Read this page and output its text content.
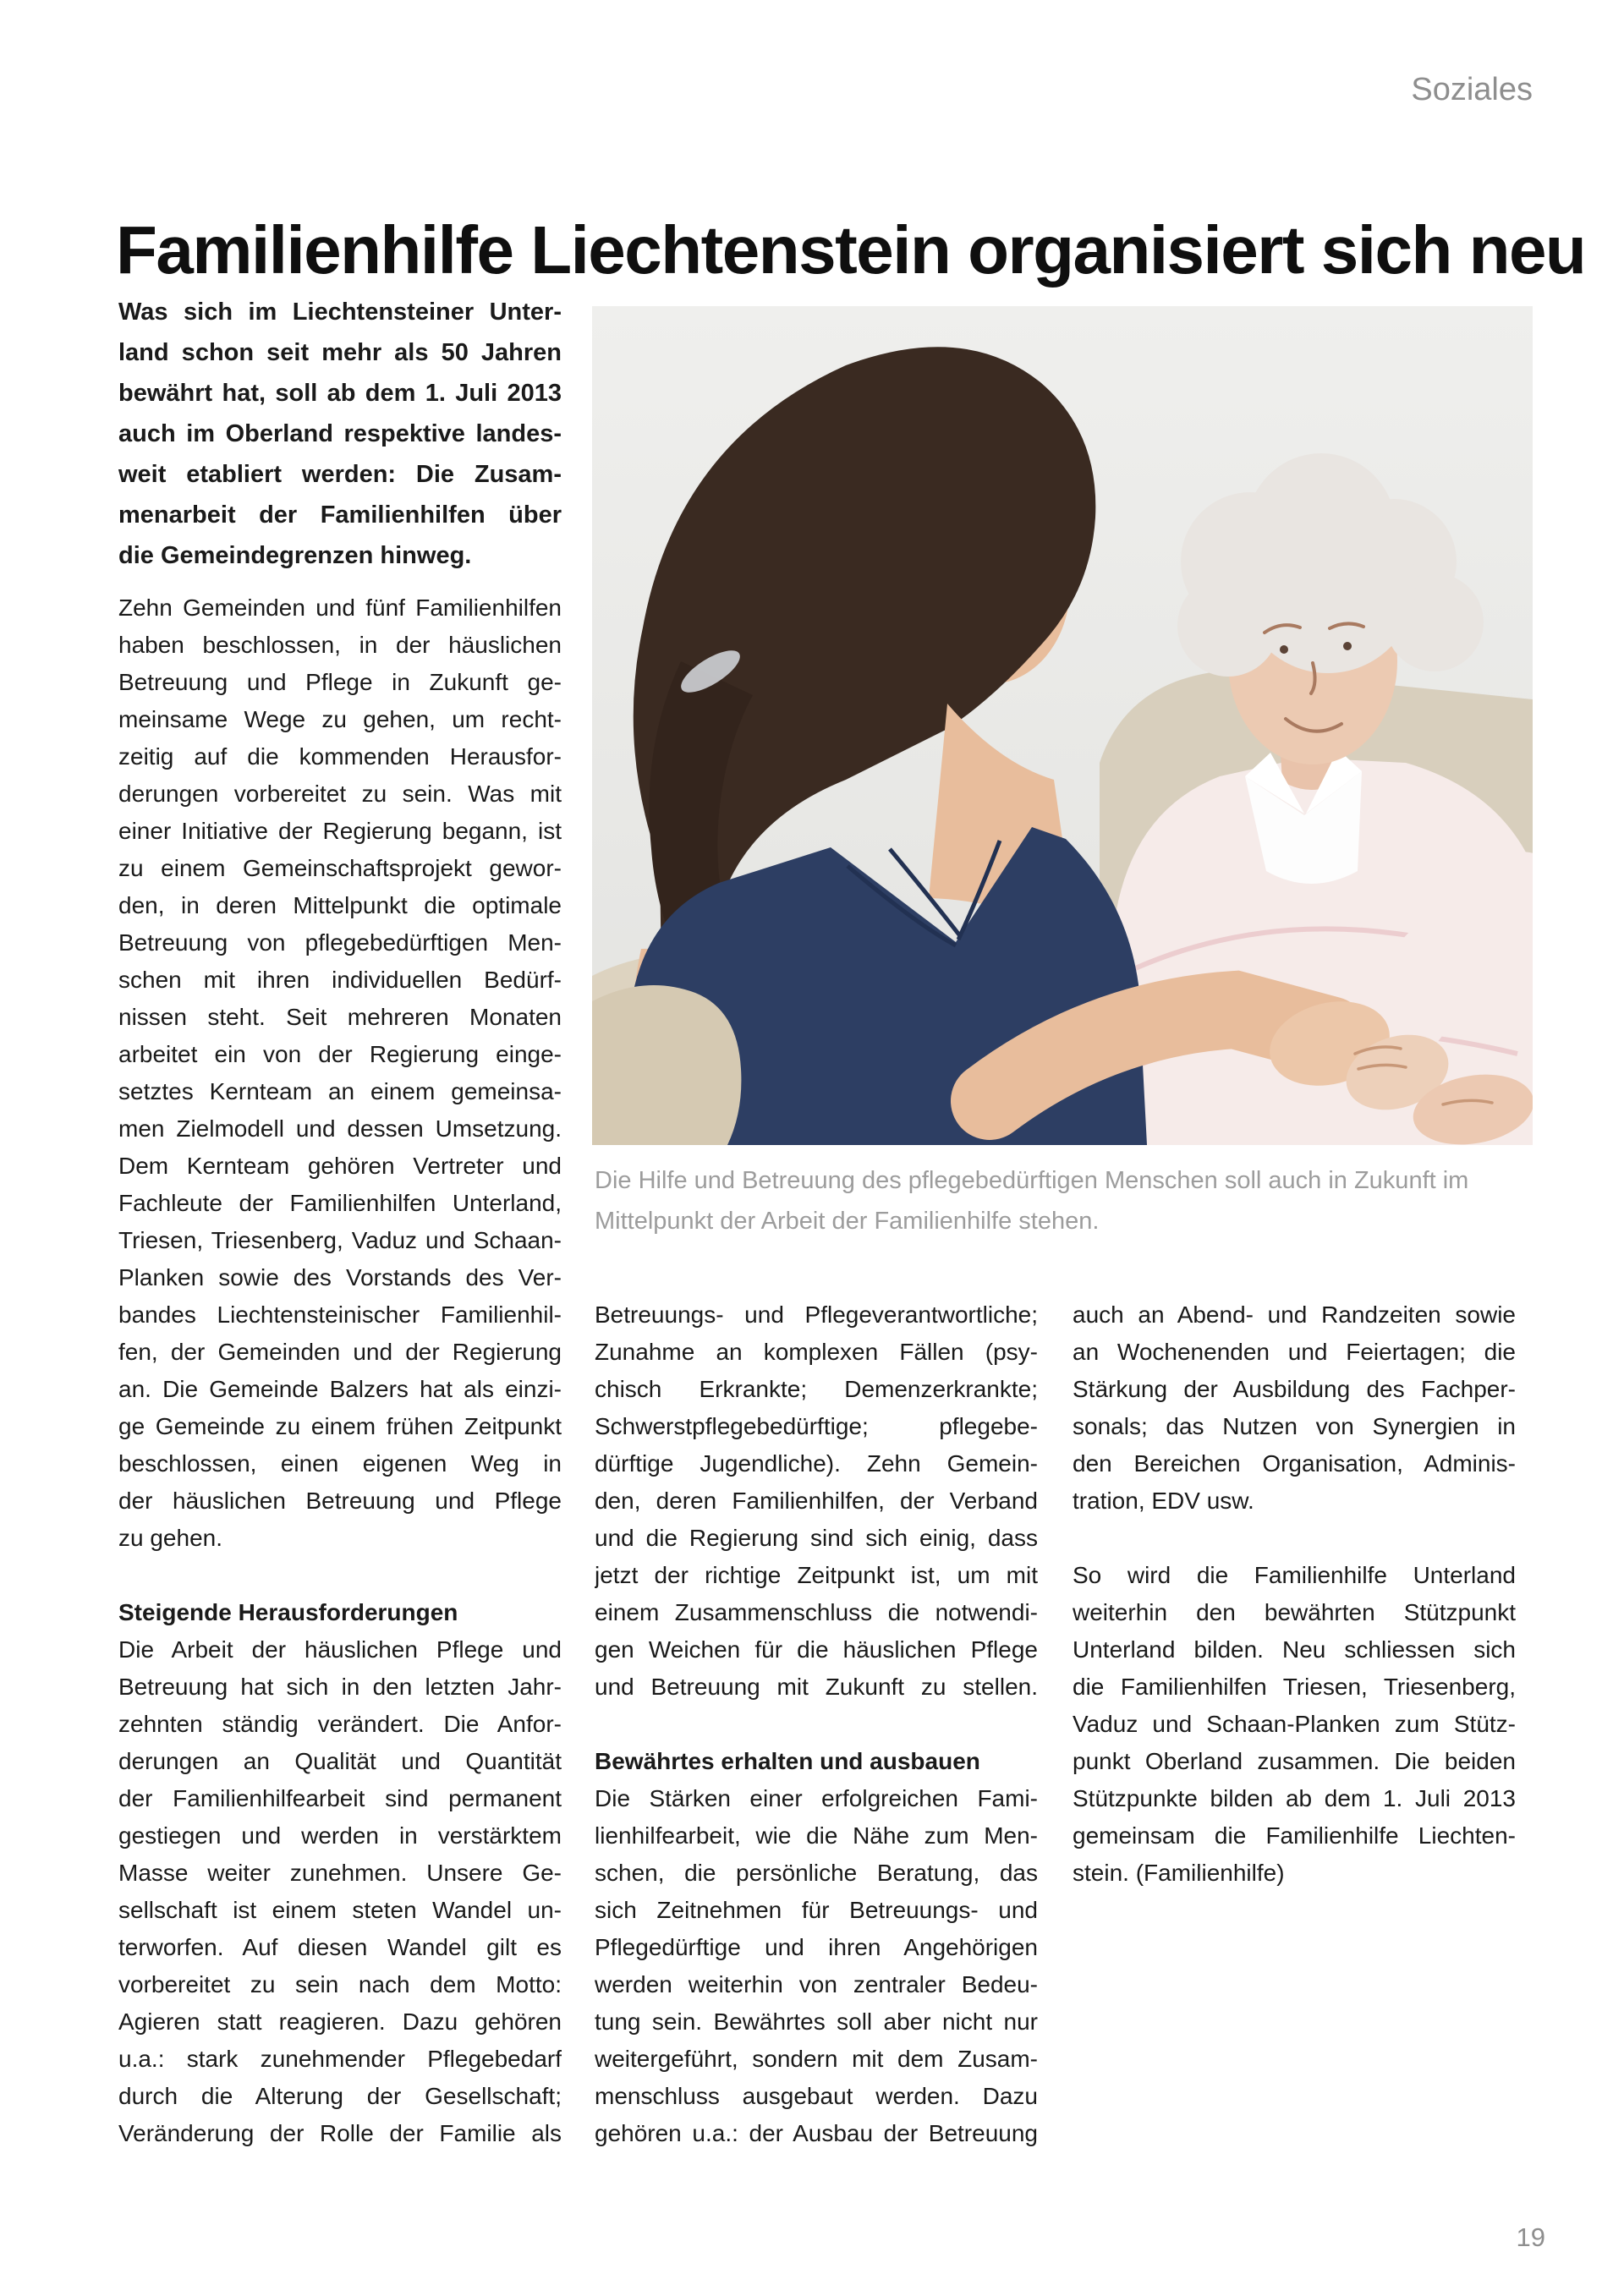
Soziales
Familienhilfe Liechtenstein organisiert sich neu
Was sich im Liechtensteiner Unter-
land schon seit mehr als 50 Jahren
bewährt hat, soll ab dem 1. Juli 2013
auch im Oberland respektive landes-
weit etabliert werden: Die Zusam-
menarbeit der Familienhilfen über
die Gemeindegrenzen hinweg.
Die Hilfe und Betreuung des pflegebedürftigen Menschen soll auch in Zukunft im
Mittelpunkt der Arbeit der Familienhilfe stehen.
Zehn Gemeinden und fünf Familienhilfen
haben beschlossen, in der häuslichen
Betreuung und Pflege in Zukunft ge-
meinsame Wege zu gehen, um recht-
zeitig auf die kommenden Herausfor-
derungen vorbereitet zu sein. Was mit
einer Initiative der Regierung begann, ist
zu einem Gemeinschaftsprojekt gewor-
den, in deren Mittelpunkt die optimale
Betreuung von pflegebedürftigen Men-
schen mit ihren individuellen Bedürf-
nissen steht. Seit mehreren Monaten
arbeitet ein von der Regierung einge-
setztes Kernteam an einem gemeinsa-
men Zielmodell und dessen Umsetzung.
Dem Kernteam gehören Vertreter und
Fachleute der Familienhilfen Unterland,
Triesen, Triesenberg, Vaduz und Schaan-
Planken sowie des Vorstands des Ver-
bandes Liechtensteinischer Familienhil-
fen, der Gemeinden und der Regierung
an. Die Gemeinde Balzers hat als einzi-
ge Gemeinde zu einem frühen Zeitpunkt
beschlossen, einen eigenen Weg in
der häuslichen Betreuung und Pflege
zu gehen.
Steigende Herausforderungen
Die Arbeit der häuslichen Pflege und
Betreuung hat sich in den letzten Jahr-
zehnten ständig verändert. Die Anfor-
derungen an Qualität und Quantität
der Familienhilfearbeit sind permanent
gestiegen und werden in verstärktem
Masse weiter zunehmen. Unsere Ge-
sellschaft ist einem steten Wandel un-
terworfen. Auf diesen Wandel gilt es
vorbereitet zu sein nach dem Motto:
Agieren statt reagieren. Dazu gehören
u.a.: stark zunehmender Pflegebedarf
durch die Alterung der Gesellschaft;
Veränderung der Rolle der Familie als
Betreuungs- und Pflegeverantwortliche;
Zunahme an komplexen Fällen (psy-
chisch Erkrankte; Demenzerkrankte;
Schwerstpflegebedürftige; pflegebe-
dürftige Jugendliche). Zehn Gemein-
den, deren Familienhilfen, der Verband
und die Regierung sind sich einig, dass
jetzt der richtige Zeitpunkt ist, um mit
einem Zusammenschluss die notwendi-
gen Weichen für die häuslichen Pflege
und Betreuung mit Zukunft zu stellen.
Bewährtes erhalten und ausbauen
Die Stärken einer erfolgreichen Fami-
lienhilfearbeit, wie die Nähe zum Men-
schen, die persönliche Beratung, das
sich Zeitnehmen für Betreuungs- und
Pflegedürftige und ihren Angehörigen
werden weiterhin von zentraler Bedeu-
tung sein. Bewährtes soll aber nicht nur
weitergeführt, sondern mit dem Zusam-
menschluss ausgebaut werden. Dazu
gehören u.a.: der Ausbau der Betreuung
auch an Abend- und Randzeiten sowie
an Wochenenden und Feiertagen; die
Stärkung der Ausbildung des Fachper-
sonals; das Nutzen von Synergien in
den Bereichen Organisation, Adminis-
tration, EDV usw.
So wird die Familienhilfe Unterland
weiterhin den bewährten Stützpunkt
Unterland bilden. Neu schliessen sich
die Familienhilfen Triesen, Triesenberg,
Vaduz und Schaan-Planken zum Stütz-
punkt Oberland zusammen. Die beiden
Stützpunkte bilden ab dem 1. Juli 2013
gemeinsam die Familienhilfe Liechten-
stein. (Familienhilfe)
19
